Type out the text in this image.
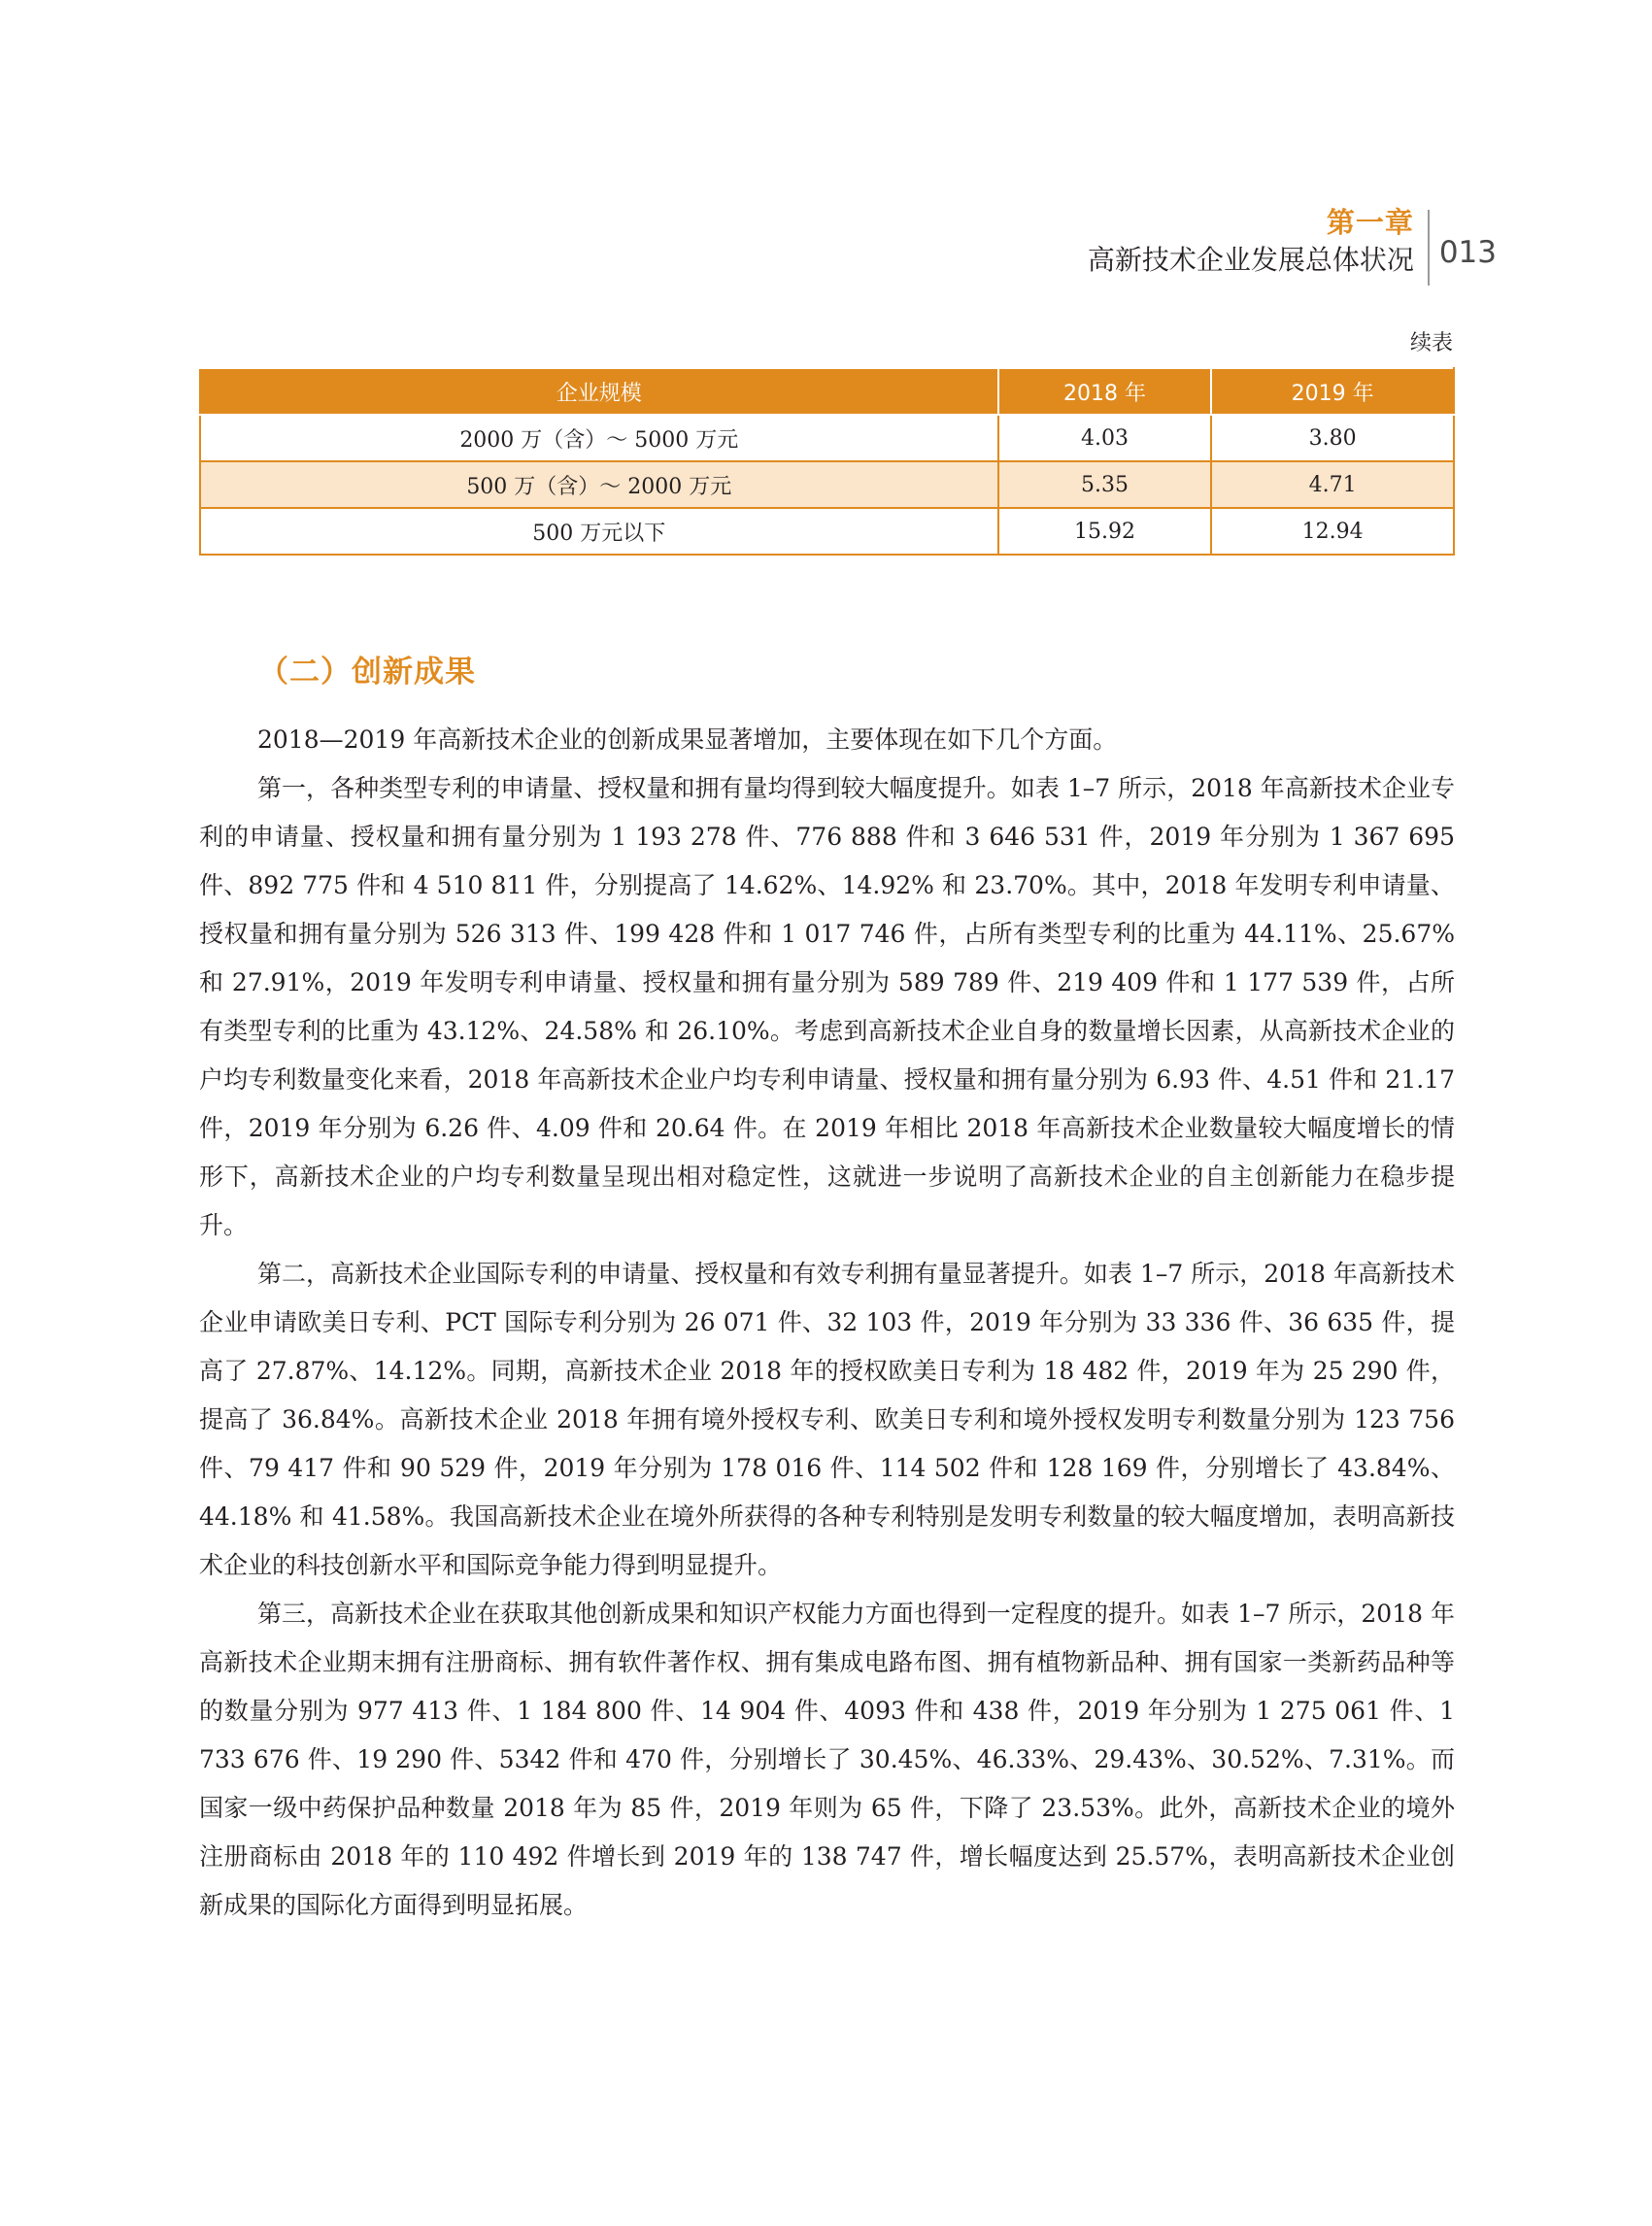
第一章
高新技术企业发展总体状况 013
续表
企业规模	2018 年	2019 年
2000 万（含）～ 5000 万元	4.03	3.80
500 万（含）～ 2000 万元	5.35	4.71
500 万元以下	15.92	12.94
（二）创新成果

2018—2019 年高新技术企业的创新成果显著增加，主要体现在如下几个方面。

第一，各种类型专利的申请量、授权量和拥有量均得到较大幅度提升。如表 1–7 所示，2018 年高新技术企业专利的申请量、授权量和拥有量分别为 1 193 278 件、776 888 件和 3 646 531 件，2019 年分别为 1 367 695 件、892 775 件和 4 510 811 件，分别提高了 14.62%、14.92% 和 23.70%。其中，2018 年发明专利申请量、授权量和拥有量分别为 526 313 件、199 428 件和 1 017 746 件，占所有类型专利的比重为 44.11%、25.67% 和 27.91%，2019 年发明专利申请量、授权量和拥有量分别为 589 789 件、219 409 件和 1 177 539 件，占所有类型专利的比重为 43.12%、24.58% 和 26.10%。考虑到高新技术企业自身的数量增长因素，从高新技术企业的户均专利数量变化来看，2018 年高新技术企业户均专利申请量、授权量和拥有量分别为 6.93 件、4.51 件和 21.17 件，2019 年分别为 6.26 件、4.09 件和 20.64 件。在 2019 年相比 2018 年高新技术企业数量较大幅度增长的情形下，高新技术企业的户均专利数量呈现出相对稳定性，这就进一步说明了高新技术企业的自主创新能力在稳步提升。

第二，高新技术企业国际专利的申请量、授权量和有效专利拥有量显著提升。如表 1–7 所示，2018 年高新技术企业申请欧美日专利、PCT 国际专利分别为 26 071 件、32 103 件，2019 年分别为 33 336 件、36 635 件，提高了 27.87%、14.12%。同期，高新技术企业 2018 年的授权欧美日专利为 18 482 件，2019 年为 25 290 件，提高了 36.84%。高新技术企业 2018 年拥有境外授权专利、欧美日专利和境外授权发明专利数量分别为 123 756 件、79 417 件和 90 529 件，2019 年分别为 178 016 件、114 502 件和 128 169 件，分别增长了 43.84%、44.18% 和 41.58%。我国高新技术企业在境外所获得的各种专利特别是发明专利数量的较大幅度增加，表明高新技术企业的科技创新水平和国际竞争能力得到明显提升。

第三，高新技术企业在获取其他创新成果和知识产权能力方面也得到一定程度的提升。如表 1–7 所示，2018 年高新技术企业期末拥有注册商标、拥有软件著作权、拥有集成电路布图、拥有植物新品种、拥有国家一类新药品种等的数量分别为 977 413 件、1 184 800 件、14 904 件、4093 件和 438 件，2019 年分别为 1 275 061 件、1 733 676 件、19 290 件、5342 件和 470 件，分别增长了 30.45%、46.33%、29.43%、30.52%、7.31%。而国家一级中药保护品种数量 2018 年为 85 件，2019 年则为 65 件，下降了 23.53%。此外，高新技术企业的境外注册商标由 2018 年的 110 492 件增长到 2019 年的 138 747 件，增长幅度达到 25.57%，表明高新技术企业创新成果的国际化方面得到明显拓展。
